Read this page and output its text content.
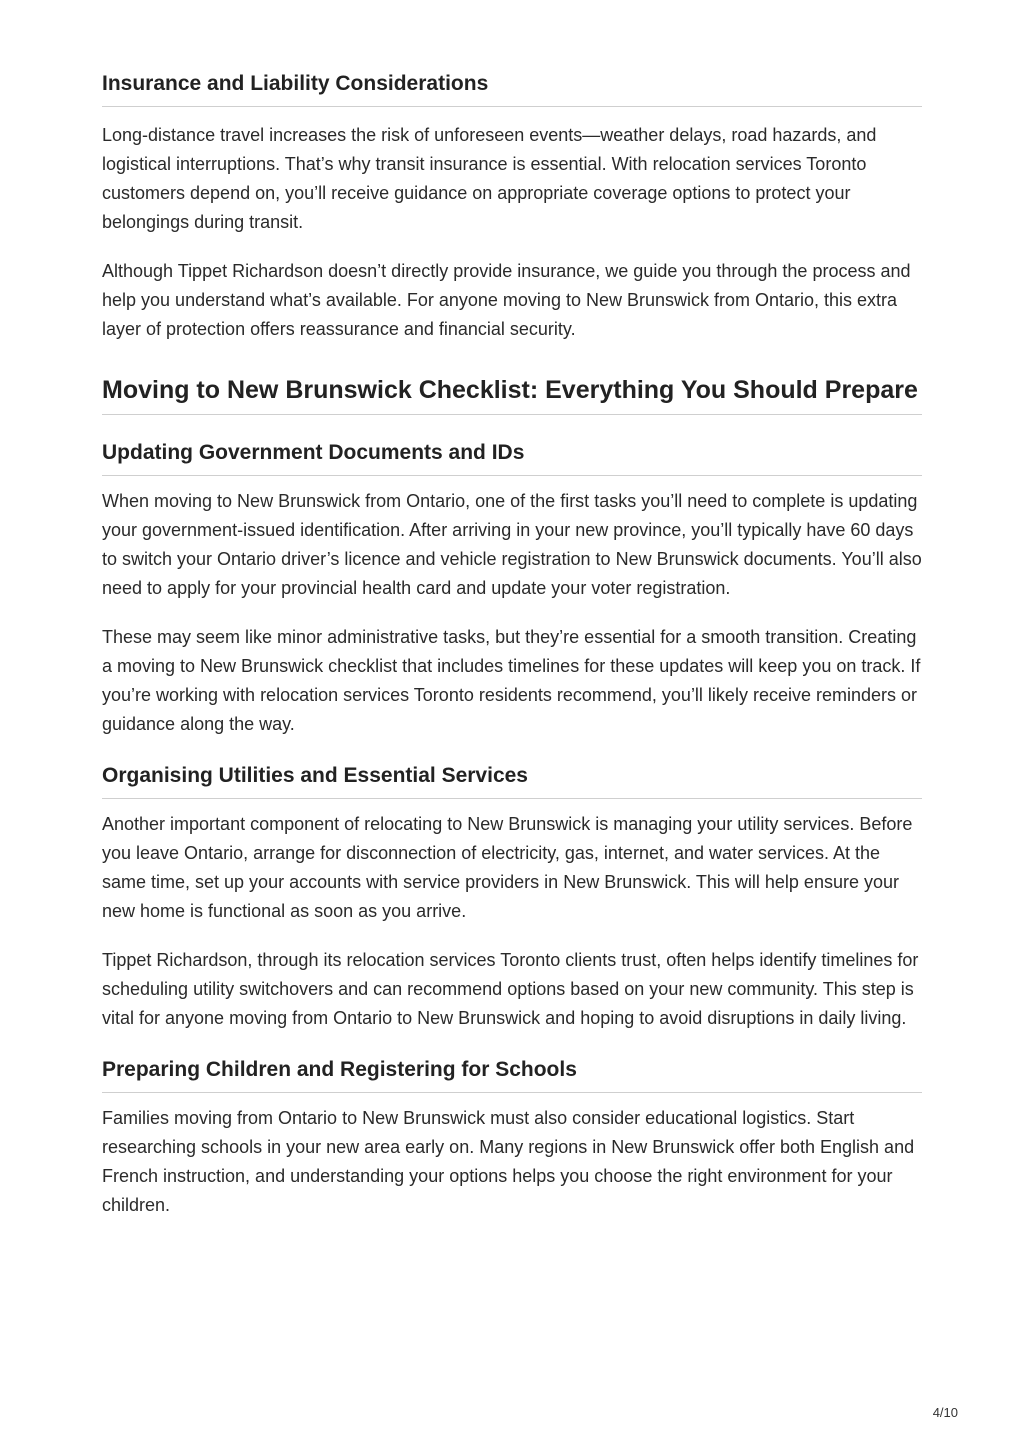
Insurance and Liability Considerations

Long-distance travel increases the risk of unforeseen events—weather delays, road hazards, and logistical interruptions. That’s why transit insurance is essential. With relocation services Toronto customers depend on, you’ll receive guidance on appropriate coverage options to protect your belongings during transit.

Although Tippet Richardson doesn’t directly provide insurance, we guide you through the process and help you understand what’s available. For anyone moving to New Brunswick from Ontario, this extra layer of protection offers reassurance and financial security.

Moving to New Brunswick Checklist: Everything You Should Prepare
Updating Government Documents and IDs

When moving to New Brunswick from Ontario, one of the first tasks you’ll need to complete is updating your government-issued identification. After arriving in your new province, you’ll typically have 60 days to switch your Ontario driver’s licence and vehicle registration to New Brunswick documents. You’ll also need to apply for your provincial health card and update your voter registration.

These may seem like minor administrative tasks, but they’re essential for a smooth transition. Creating a moving to New Brunswick checklist that includes timelines for these updates will keep you on track. If you’re working with relocation services Toronto residents recommend, you’ll likely receive reminders or guidance along the way.

Organising Utilities and Essential Services

Another important component of relocating to New Brunswick is managing your utility services. Before you leave Ontario, arrange for disconnection of electricity, gas, internet, and water services. At the same time, set up your accounts with service providers in New Brunswick. This will help ensure your new home is functional as soon as you arrive.

Tippet Richardson, through its relocation services Toronto clients trust, often helps identify timelines for scheduling utility switchovers and can recommend options based on your new community. This step is vital for anyone moving from Ontario to New Brunswick and hoping to avoid disruptions in daily living.

Preparing Children and Registering for Schools

Families moving from Ontario to New Brunswick must also consider educational logistics. Start researching schools in your new area early on. Many regions in New Brunswick offer both English and French instruction, and understanding your options helps you choose the right environment for your children.

4/10
